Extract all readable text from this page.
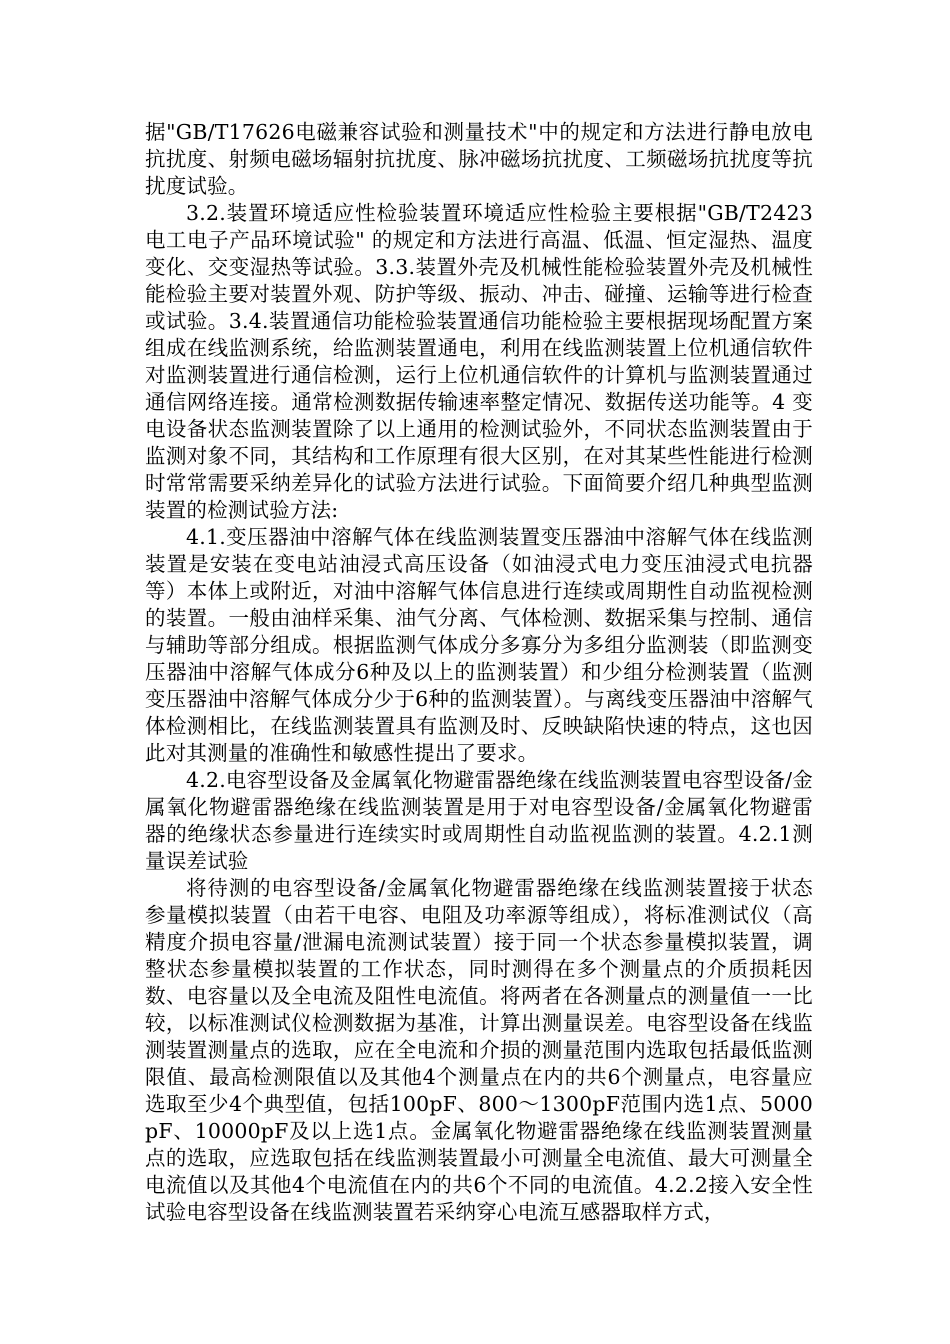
据"GB/T17626电磁兼容试验和测量技术"中的规定和方法进行静电放电抗扰度、射频电磁场辐射抗扰度、脉冲磁场抗扰度、工频磁场抗扰度等抗扰度试验。

3.2.装置环境适应性检验装置环境适应性检验主要根据"GB/T2423电工电子产品环境试验" 的规定和方法进行高温、低温、恒定湿热、温度变化、交变湿热等试验。3.3.装置外壳及机械性能检验装置外壳及机械性能检验主要对装置外观、防护等级、振动、冲击、碰撞、运输等进行检查或试验。3.4.装置通信功能检验装置通信功能检验主要根据现场配置方案组成在线监测系统，给监测装置通电，利用在线监测装置上位机通信软件对监测装置进行通信检测，运行上位机通信软件的计算机与监测装置通过通信网络连接。通常检测数据传输速率整定情况、数据传送功能等。4 变电设备状态监测装置除了以上通用的检测试验外，不同状态监测装置由于监测对象不同，其结构和工作原理有很大区别，在对其某些性能进行检测时常常需要采纳差异化的试验方法进行试验。下面简要介绍几种典型监测装置的检测试验方法:

4.1.变压器油中溶解气体在线监测装置变压器油中溶解气体在线监测装置是安装在变电站油浸式高压设备（如油浸式电力变压油浸式电抗器等）本体上或附近，对油中溶解气体信息进行连续或周期性自动监视检测的装置。一般由油样采集、油气分离、气体检测、数据采集与控制、通信与辅助等部分组成。根据监测气体成分多寡分为多组分监测装（即监测变压器油中溶解气体成分6种及以上的监测装置）和少组分检测装置（监测变压器油中溶解气体成分少于6种的监测装置）。与离线变压器油中溶解气体检测相比，在线监测装置具有监测及时、反映缺陷快速的特点，这也因此对其测量的准确性和敏感性提出了要求。

4.2.电容型设备及金属氧化物避雷器绝缘在线监测装置电容型设备/金属氧化物避雷器绝缘在线监测装置是用于对电容型设备/金属氧化物避雷器的绝缘状态参量进行连续实时或周期性自动监视监测的装置。4.2.1测量误差试验

将待测的电容型设备/金属氧化物避雷器绝缘在线监测装置接于状态参量模拟装置（由若干电容、电阻及功率源等组成），将标准测试仪（高精度介损电容量/泄漏电流测试装置）接于同一个状态参量模拟装置，调整状态参量模拟装置的工作状态，同时测得在多个测量点的介质损耗因数、电容量以及全电流及阻性电流值。将两者在各测量点的测量值一一比较，以标准测试仪检测数据为基准，计算出测量误差。电容型设备在线监测装置测量点的选取，应在全电流和介损的测量范围内选取包括最低监测限值、最高检测限值以及其他4个测量点在内的共6个测量点，电容量应选取至少4个典型值，包括100pF、800～1300pF范围内选1点、5000pF、10000pF及以上选1点。金属氧化物避雷器绝缘在线监测装置测量点的选取，应选取包括在线监测装置最小可测量全电流值、最大可测量全电流值以及其他4个电流值在内的共6个不同的电流值。4.2.2接入安全性试验电容型设备在线监测装置若采纳穿心电流互感器取样方式，
